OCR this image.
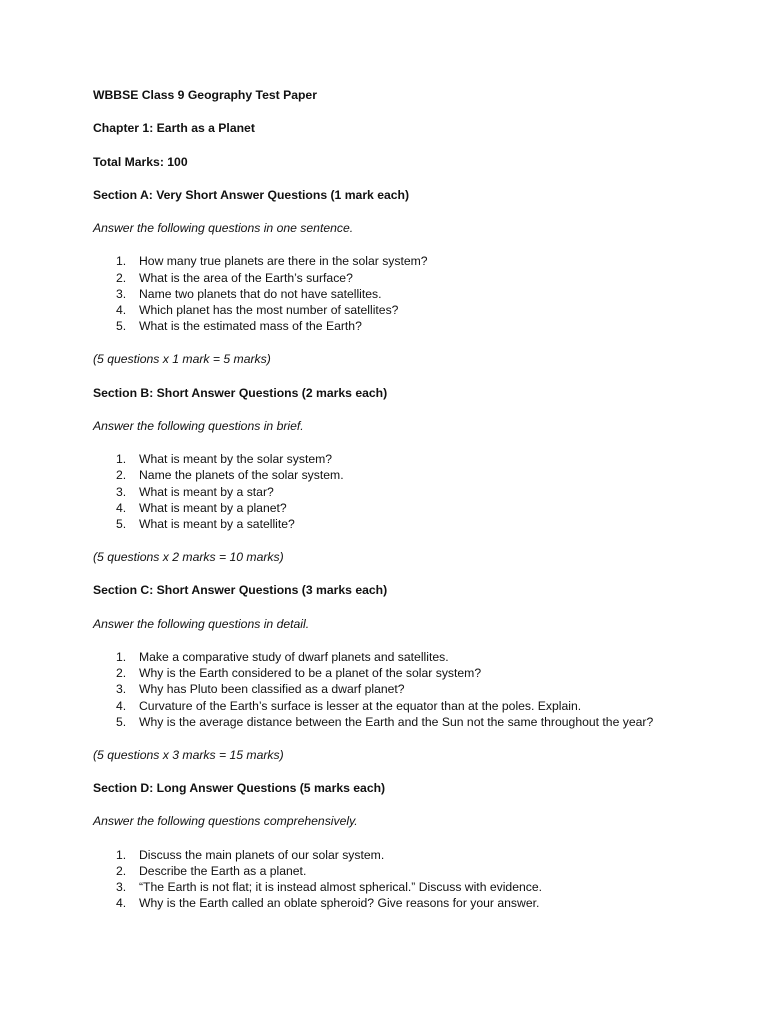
WBBSE Class 9 Geography Test Paper
Chapter 1: Earth as a Planet
Total Marks: 100
Section A: Very Short Answer Questions (1 mark each)
Answer the following questions in one sentence.
1. How many true planets are there in the solar system?
2. What is the area of the Earth’s surface?
3. Name two planets that do not have satellites.
4. Which planet has the most number of satellites?
5. What is the estimated mass of the Earth?
(5 questions x 1 mark = 5 marks)
Section B: Short Answer Questions (2 marks each)
Answer the following questions in brief.
1. What is meant by the solar system?
2. Name the planets of the solar system.
3. What is meant by a star?
4. What is meant by a planet?
5. What is meant by a satellite?
(5 questions x 2 marks = 10 marks)
Section C: Short Answer Questions (3 marks each)
Answer the following questions in detail.
1. Make a comparative study of dwarf planets and satellites.
2. Why is the Earth considered to be a planet of the solar system?
3. Why has Pluto been classified as a dwarf planet?
4. Curvature of the Earth’s surface is lesser at the equator than at the poles. Explain.
5. Why is the average distance between the Earth and the Sun not the same throughout the year?
(5 questions x 3 marks = 15 marks)
Section D: Long Answer Questions (5 marks each)
Answer the following questions comprehensively.
1. Discuss the main planets of our solar system.
2. Describe the Earth as a planet.
3. “The Earth is not flat; it is instead almost spherical.” Discuss with evidence.
4. Why is the Earth called an oblate spheroid? Give reasons for your answer.
